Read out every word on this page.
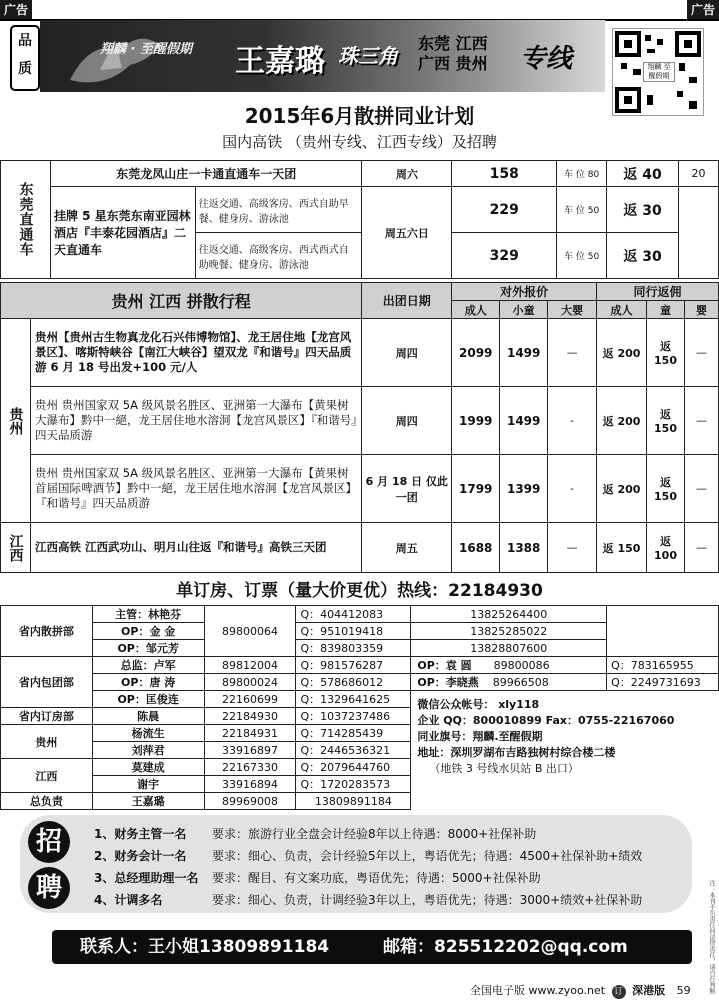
广告	广告
品
质
翔麟 · 至醒假期 王嘉璐 珠三角
东莞 江西
广西 贵州	专线	翔麟 至醒假期
2015年6月散拼同业计划
国内高铁 （贵州专线、江西专线）及招聘
东莞直通车	东莞龙凤山庄一卡通直通车一天团		周六	158	车 位 80	返 40	20
	挂牌 5 星东莞东南亚园林酒店『丰泰花园酒店』二天直通车	往返交通、高级客房、西式自助早餐、健身房、游泳池	周五六日	229	车 位 50	返 30	
		往返交通、高级客房、西式西式自助晚餐、健身房、游泳池		329	车 位 50	返 30	
贵州 江西 拼散行程		出团日期	对外报价			同行返佣		
			成人	小童	大婴	成人	童	婴
贵州	贵州【贵州古生物真龙化石兴伟博物馆】、龙王居住地【龙宫风景区】、喀斯特峡谷【南江大峡谷】望双龙『和谐号』四天品质游 6 月 18 号出发+100 元/人	周四	2099	1499	—	返 200	返 150	—
	贵州 贵州国家双 5A 级风景名胜区、亚洲第一大瀑布【黄果树大瀑布】黔中一絕，龙王居住地水溶洞【龙宫风景区】『和谐号』四天品质游	周四	1999	1499	-	返 200	返 150	—
	贵州 贵州国家双 5A 级风景名胜区、亚洲第一大瀑布【黄果树首届国际啤酒节】黔中一絕，龙王居住地水溶洞【龙宫风景区】『和谐号』四天品质游	6 月 18 日 仅此一团	1799	1399	-	返 200	返 150	—
江西	江西高铁 江西武功山、明月山往返『和谐号』高铁三天团	周五	1688	1388	—	返 150	返 100	—
单订房、订票（量大价更优）热线：22184930
省内散拼部	主管：林艳芬	89800064	Q：404412083	13825264400	
	OP：金 金		Q：951019418	13825285022	
	OP：邹元芳		Q：839803359	13828807600	
省内包团部	总监：卢军	89812004	Q：981576287	OP：袁 圆 89800086	Q：783165955
	OP：唐 涛	89800024	Q：578686012	OP：李晓燕 89966508	Q：2249731693
	OP：匡俊连	22160699	Q：1329641625	微信公众帐号： xly118
企业 QQ：800010899 Fax：0755-22167060
同业旗号：翔麟.至醒假期
地址：深圳罗湖布吉路独树村综合楼二楼
（地铁 3 号线水贝站 B 出口）	

省内订房部	陈晨	22184930	Q：1037237486		
贵州	杨流生	22184931	Q：714285439		
	刘萍君	33916897	Q：2446536321		
江西	莫建成	22167330	Q：2079644760		
	谢宇	33916894	Q：1720283573		
总负责	王嘉璐	89969008	13809891184		
招
聘
1、财务主管一名 要求：旅游行业全盘会计经验8年以上待遇：8000+社保补助
2、财务会计一名 要求：细心、负责，会计经验5年以上，粤语优先；待遇：4500+社保补助+绩效
3、总经理助理一名 要求：醒目、有文案功底，粤语优先；待遇：5000+社保补助
4、计调多名	要求：细心、负责，计调经验3年以上，粤语优先；待遇：3000+绩效+社保补助
联系人：王小姐13809891184	邮箱：825512202@qq.com	注：本刊不负责任何法律责任，请自行判断
全国电子版 www.zyoo.net 订 深港版 59
